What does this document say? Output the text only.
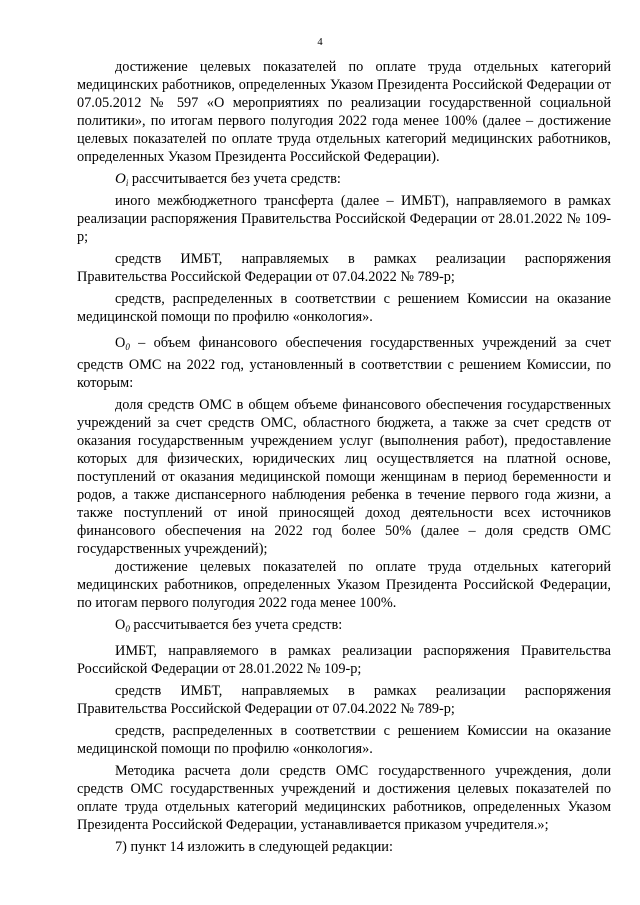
4

достижение целевых показателей по оплате труда отдельных категорий медицинских работников, определенных Указом Президента Российской Федерации от 07.05.2012 № 597 «О мероприятиях по реализации государственной социальной политики», по итогам первого полугодия 2022 года менее 100% (далее – достижение целевых показателей по оплате труда отдельных категорий медицинских работников, определенных Указом Президента Российской Федерации).

$O_i$ рассчитывается без учета средств:

иного межбюджетного трансферта (далее – ИМБТ), направляемого в рамках реализации распоряжения Правительства Российской Федерации от 28.01.2022 № 109-р;

средств ИМБТ, направляемых в рамках реализации распоряжения Правительства Российской Федерации от 07.04.2022 № 789-р;

средств, распределенных в соответствии с решением Комиссии на оказание медицинской помощи по профилю «онкология».

$O_0$ – объем финансового обеспечения государственных учреждений за счет средств ОМС на 2022 год, установленный в соответствии с решением Комиссии, по которым:

доля средств ОМС в общем объеме финансового обеспечения государственных учреждений за счет средств ОМС, областного бюджета, а также за счет средств от оказания государственным учреждением услуг (выполнения работ), предоставление которых для физических, юридических лиц осуществляется на платной основе, поступлений от оказания медицинской помощи женщинам в период беременности и родов, а также диспансерного наблюдения ребенка в течение первого года жизни, а также поступлений от иной приносящей доход деятельности всех источников финансового обеспечения на 2022 год более 50% (далее – доля средств ОМС государственных учреждений);

достижение целевых показателей по оплате труда отдельных категорий медицинских работников, определенных Указом Президента Российской Федерации, по итогам первого полугодия 2022 года менее 100%.

$O_0$ рассчитывается без учета средств:

ИМБТ, направляемого в рамках реализации распоряжения Правительства Российской Федерации от 28.01.2022 № 109-р;

средств ИМБТ, направляемых в рамках реализации распоряжения Правительства Российской Федерации от 07.04.2022 № 789-р;

средств, распределенных в соответствии с решением Комиссии на оказание медицинской помощи по профилю «онкология».

Методика расчета доли средств ОМС государственного учреждения, доли средств ОМС государственных учреждений и достижения целевых показателей по оплате труда отдельных категорий медицинских работников, определенных Указом Президента Российской Федерации, устанавливается приказом учредителя.»;

7) пункт 14 изложить в следующей редакции:
